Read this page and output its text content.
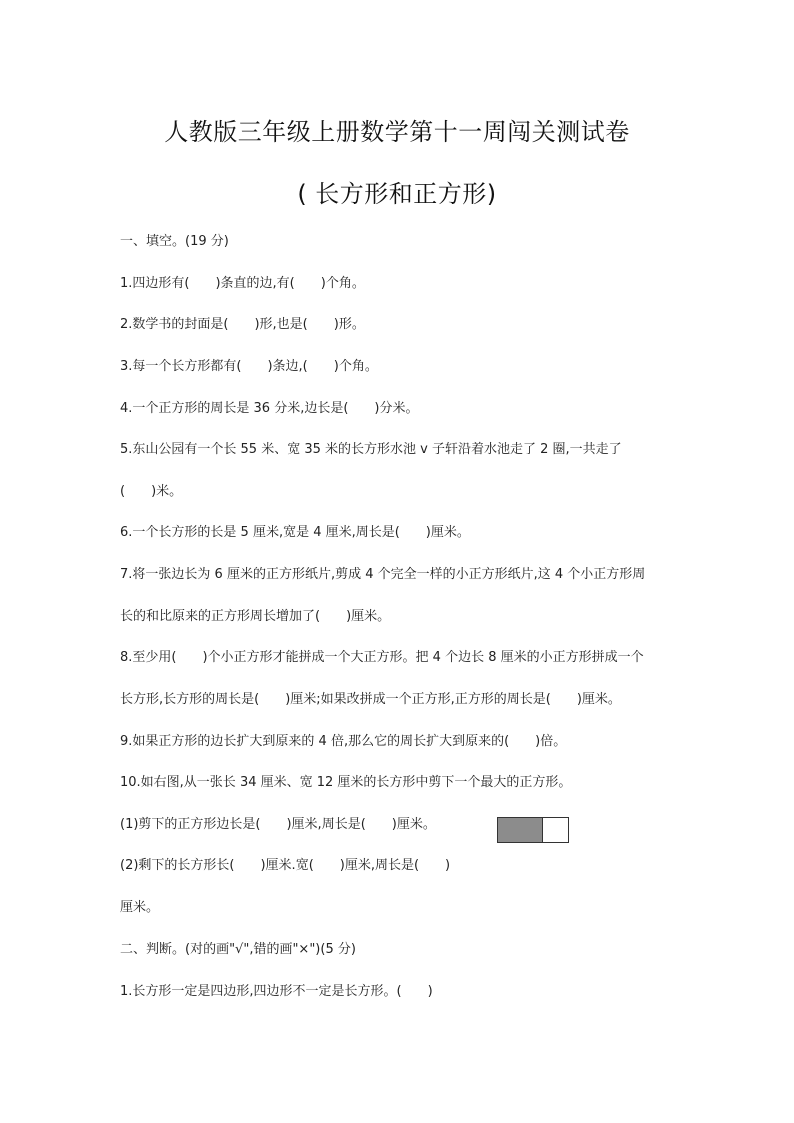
人教版三年级上册数学第十一周闯关测试卷
( 长方形和正方形)
一、填空。(19 分)
1.四边形有(　　)条直的边,有(　　)个角。
2.数学书的封面是(　　)形,也是(　　)形。
3.每一个长方形都有(　　)条边,(　　)个角。
4.一个正方形的周长是 36 分米,边长是(　　)分米。
5.东山公园有一个长 55 米、宽 35 米的长方形水池 v 子轩沿着水池走了 2 圈,一共走了
(　　)米。
6.一个长方形的长是 5 厘米,宽是 4 厘米,周长是(　　)厘米。
7.将一张边长为 6 厘米的正方形纸片,剪成 4 个完全一样的小正方形纸片,这 4 个小正方形周
长的和比原来的正方形周长增加了(　　)厘米。
8.至少用(　　)个小正方形才能拼成一个大正方形。把 4 个边长 8 厘米的小正方形拼成一个
长方形,长方形的周长是(　　)厘米;如果改拼成一个正方形,正方形的周长是(　　)厘米。
9.如果正方形的边长扩大到原来的 4 倍,那么它的周长扩大到原来的(　　)倍。
10.如右图,从一张长 34 厘米、宽 12 厘米的长方形中剪下一个最大的正方形。
(1)剪下的正方形边长是(　　)厘米,周长是(　　)厘米。
(2)剩下的长方形长(　　)厘米.宽(　　)厘米,周长是(　　)
厘米。
二、判断。(对的画"√",错的画"×")(5 分)
1.长方形一定是四边形,四边形不一定是长方形。(　　)
